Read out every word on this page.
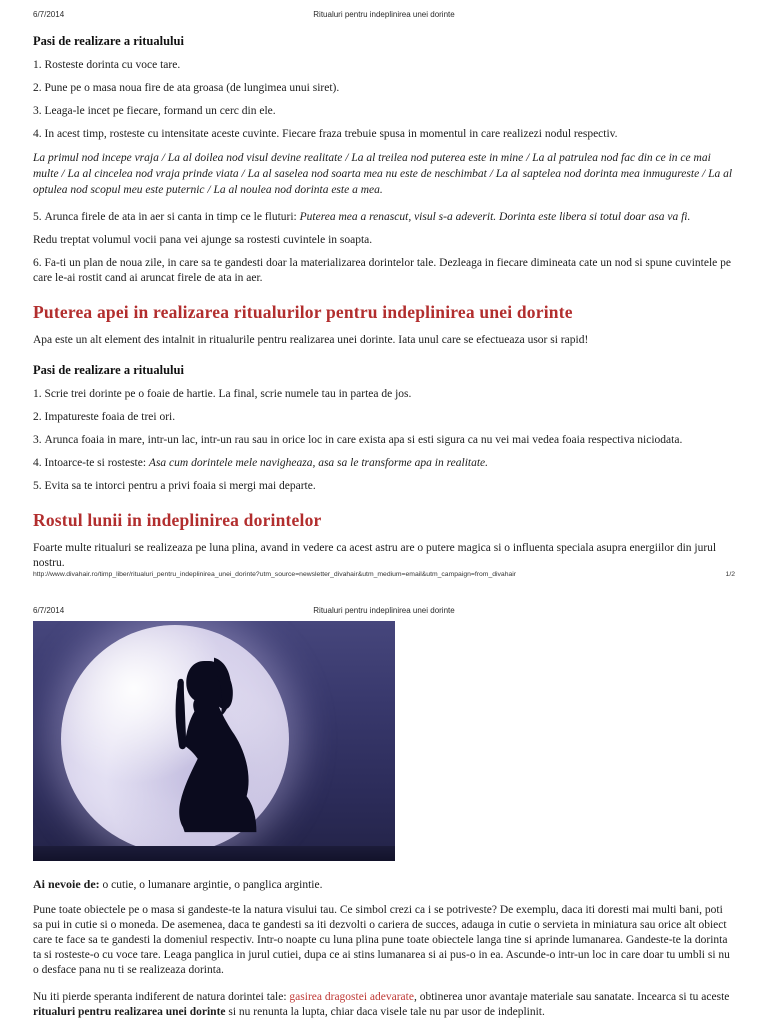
6/7/2014	Ritualuri pentru indeplinirea unei dorinte
Pasi de realizare a ritualului
1. Rosteste dorinta cu voce tare.
2. Pune pe o masa noua fire de ata groasa (de lungimea unui siret).
3. Leaga-le incet pe fiecare, formand un cerc din ele.
4. In acest timp, rosteste cu intensitate aceste cuvinte. Fiecare fraza trebuie spusa in momentul in care realizezi nodul respectiv.

La primul nod incepe vraja / La al doilea nod visul devine realitate / La al treilea nod puterea este in mine / La al patrulea nod fac din ce in ce mai multe / La al cincelea nod vraja prinde viata / La al saselea nod soarta mea nu este de neschimbat / La al saptelea nod dorinta mea inmugureste / La al optulea nod scopul meu este puternic / La al noulea nod dorinta este a mea.

5. Arunca firele de ata in aer si canta in timp ce le fluturi: Puterea mea a renascut, visul s-a adeverit. Dorinta este libera si totul doar asa va fi.

Redu treptat volumul vocii pana vei ajunge sa rostesti cuvintele in soapta.

6. Fa-ti un plan de noua zile, in care sa te gandesti doar la materializarea dorintelor tale. Dezleaga in fiecare dimineata cate un nod si spune cuvintele pe care le-ai rostit cand ai aruncat firele de ata in aer.
Puterea apei in realizarea ritualurilor pentru indeplinirea unei dorinte

Apa este un alt element des intalnit in ritualurile pentru realizarea unei dorinte. Iata unul care se efectueaza usor si rapid!

Pasi de realizare a ritualului
1. Scrie trei dorinte pe o foaie de hartie. La final, scrie numele tau in partea de jos.
2. Impatureste foaia de trei ori.
3. Arunca foaia in mare, intr-un lac, intr-un rau sau in orice loc in care exista apa si esti sigura ca nu vei mai vedea foaia respectiva niciodata.
4. Intoarce-te si rosteste: Asa cum dorintele mele navigheaza, asa sa le transforme apa in realitate.
5. Evita sa te intorci pentru a privi foaia si mergi mai departe.
Rostul lunii in indeplinirea dorintelor

Foarte multe ritualuri se realizeaza pe luna plina, avand in vedere ca acest astru are o putere magica si o influenta speciala asupra energiilor din jurul nostru.

http://www.divahair.ro/timp_liber/ritualuri_pentru_indeplinirea_unei_dorinte?utm_source=newsletter_divahair&utm_medium=email&utm_campaign=from_divahair	1/2
6/7/2014	Ritualuri pentru indeplinirea unei dorinte

Ai nevoie de: o cutie, o lumanare argintie, o panglica argintie.

Pune toate obiectele pe o masa si gandeste-te la natura visului tau. Ce simbol crezi ca i se potriveste? De exemplu, daca iti doresti mai multi bani, poti sa pui in cutie si o moneda. De asemenea, daca te gandesti sa iti dezvolti o cariera de succes, adauga in cutie o servieta in miniatura sau orice alt obiect care te face sa te gandesti la domeniul respectiv. Intr-o noapte cu luna plina pune toate obiectele langa tine si aprinde lumanarea. Gandeste-te la dorinta ta si rosteste-o cu voce tare. Leaga panglica in jurul cutiei, dupa ce ai stins lumanarea si ai pus-o in ea. Ascunde-o intr-un loc in care doar tu umbli si nu o desface pana nu ti se realizeaza dorinta.

Nu iti pierde speranta indiferent de natura dorintei tale: gasirea dragostei adevarate, obtinerea unor avantaje materiale sau sanatate. Incearca si tu aceste ritualuri pentru realizarea unei dorinte si nu renunta la lupta, chiar daca visele tale nu par usor de indeplinit.
